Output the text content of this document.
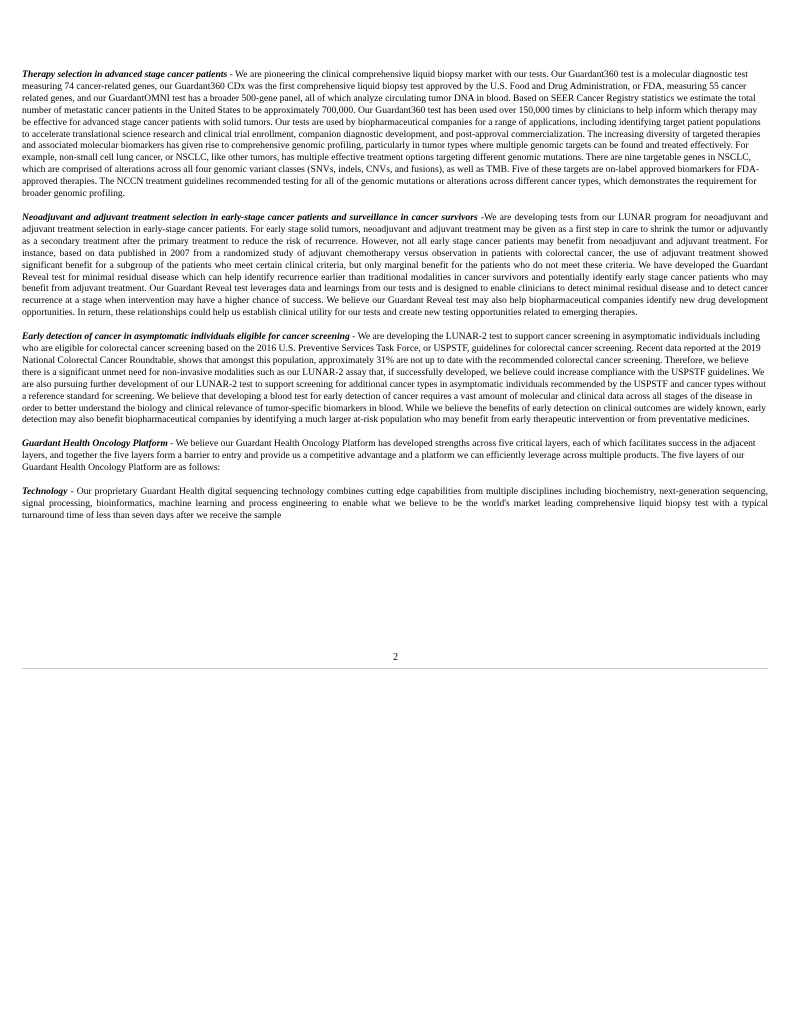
Therapy selection in advanced stage cancer patients - We are pioneering the clinical comprehensive liquid biopsy market with our tests. Our Guardant360 test is a molecular diagnostic test measuring 74 cancer-related genes, our Guardant360 CDx was the first comprehensive liquid biopsy test approved by the U.S. Food and Drug Administration, or FDA, measuring 55 cancer related genes, and our GuardantOMNI test has a broader 500-gene panel, all of which analyze circulating tumor DNA in blood. Based on SEER Cancer Registry statistics we estimate the total number of metastatic cancer patients in the United States to be approximately 700,000. Our Guardant360 test has been used over 150,000 times by clinicians to help inform which therapy may be effective for advanced stage cancer patients with solid tumors. Our tests are used by biopharmaceutical companies for a range of applications, including identifying target patient populations to accelerate translational science research and clinical trial enrollment, companion diagnostic development, and post-approval commercialization. The increasing diversity of targeted therapies and associated molecular biomarkers has given rise to comprehensive genomic profiling, particularly in tumor types where multiple genomic targets can be found and treated effectively. For example, non-small cell lung cancer, or NSCLC, like other tumors, has multiple effective treatment options targeting different genomic mutations. There are nine targetable genes in NSCLC, which are comprised of alterations across all four genomic variant classes (SNVs, indels, CNVs, and fusions), as well as TMB. Five of these targets are on-label approved biomarkers for FDA-approved therapies. The NCCN treatment guidelines recommended testing for all of the genomic mutations or alterations across different cancer types, which demonstrates the requirement for broader genomic profiling.

Neoadjuvant and adjuvant treatment selection in early-stage cancer patients and surveillance in cancer survivors -We are developing tests from our LUNAR program for neoadjuvant and adjuvant treatment selection in early-stage cancer patients. For early stage solid tumors, neoadjuvant and adjuvant treatment may be given as a first step in care to shrink the tumor or adjuvantly as a secondary treatment after the primary treatment to reduce the risk of recurrence. However, not all early stage cancer patients may benefit from neoadjuvant and adjuvant treatment. For instance, based on data published in 2007 from a randomized study of adjuvant chemotherapy versus observation in patients with colorectal cancer, the use of adjuvant treatment showed significant benefit for a subgroup of the patients who meet certain clinical criteria, but only marginal benefit for the patients who do not meet these criteria. We have developed the Guardant Reveal test for minimal residual disease which can help identify recurrence earlier than traditional modalities in cancer survivors and potentially identify early stage cancer patients who may benefit from adjuvant treatment. Our Guardant Reveal test leverages data and learnings from our tests and is designed to enable clinicians to detect minimal residual disease and to detect cancer recurrence at a stage when intervention may have a higher chance of success. We believe our Guardant Reveal test may also help biopharmaceutical companies identify new drug development opportunities. In return, these relationships could help us establish clinical utility for our tests and create new testing opportunities related to emerging therapies.

Early detection of cancer in asymptomatic individuals eligible for cancer screening - We are developing the LUNAR-2 test to support cancer screening in asymptomatic individuals including who are eligible for colorectal cancer screening based on the 2016 U.S. Preventive Services Task Force, or USPSTF, guidelines for colorectal cancer screening. Recent data reported at the 2019 National Colorectal Cancer Roundtable, shows that amongst this population, approximately 31% are not up to date with the recommended colorectal cancer screening. Therefore, we believe there is a significant unmet need for non-invasive modalities such as our LUNAR-2 assay that, if successfully developed, we believe could increase compliance with the USPSTF guidelines. We are also pursuing further development of our LUNAR-2 test to support screening for additional cancer types in asymptomatic individuals recommended by the USPSTF and cancer types without a reference standard for screening. We believe that developing a blood test for early detection of cancer requires a vast amount of molecular and clinical data across all stages of the disease in order to better understand the biology and clinical relevance of tumor-specific biomarkers in blood. While we believe the benefits of early detection on clinical outcomes are widely known, early detection may also benefit biopharmaceutical companies by identifying a much larger at-risk population who may benefit from early therapeutic intervention or from preventative medicines.

Guardant Health Oncology Platform - We believe our Guardant Health Oncology Platform has developed strengths across five critical layers, each of which facilitates success in the adjacent layers, and together the five layers form a barrier to entry and provide us a competitive advantage and a platform we can efficiently leverage across multiple products. The five layers of our Guardant Health Oncology Platform are as follows:

Technology - Our proprietary Guardant Health digital sequencing technology combines cutting edge capabilities from multiple disciplines including biochemistry, next-generation sequencing, signal processing, bioinformatics, machine learning and process engineering to enable what we believe to be the world's market leading comprehensive liquid biopsy test with a typical turnaround time of less than seven days after we receive the sample

2
